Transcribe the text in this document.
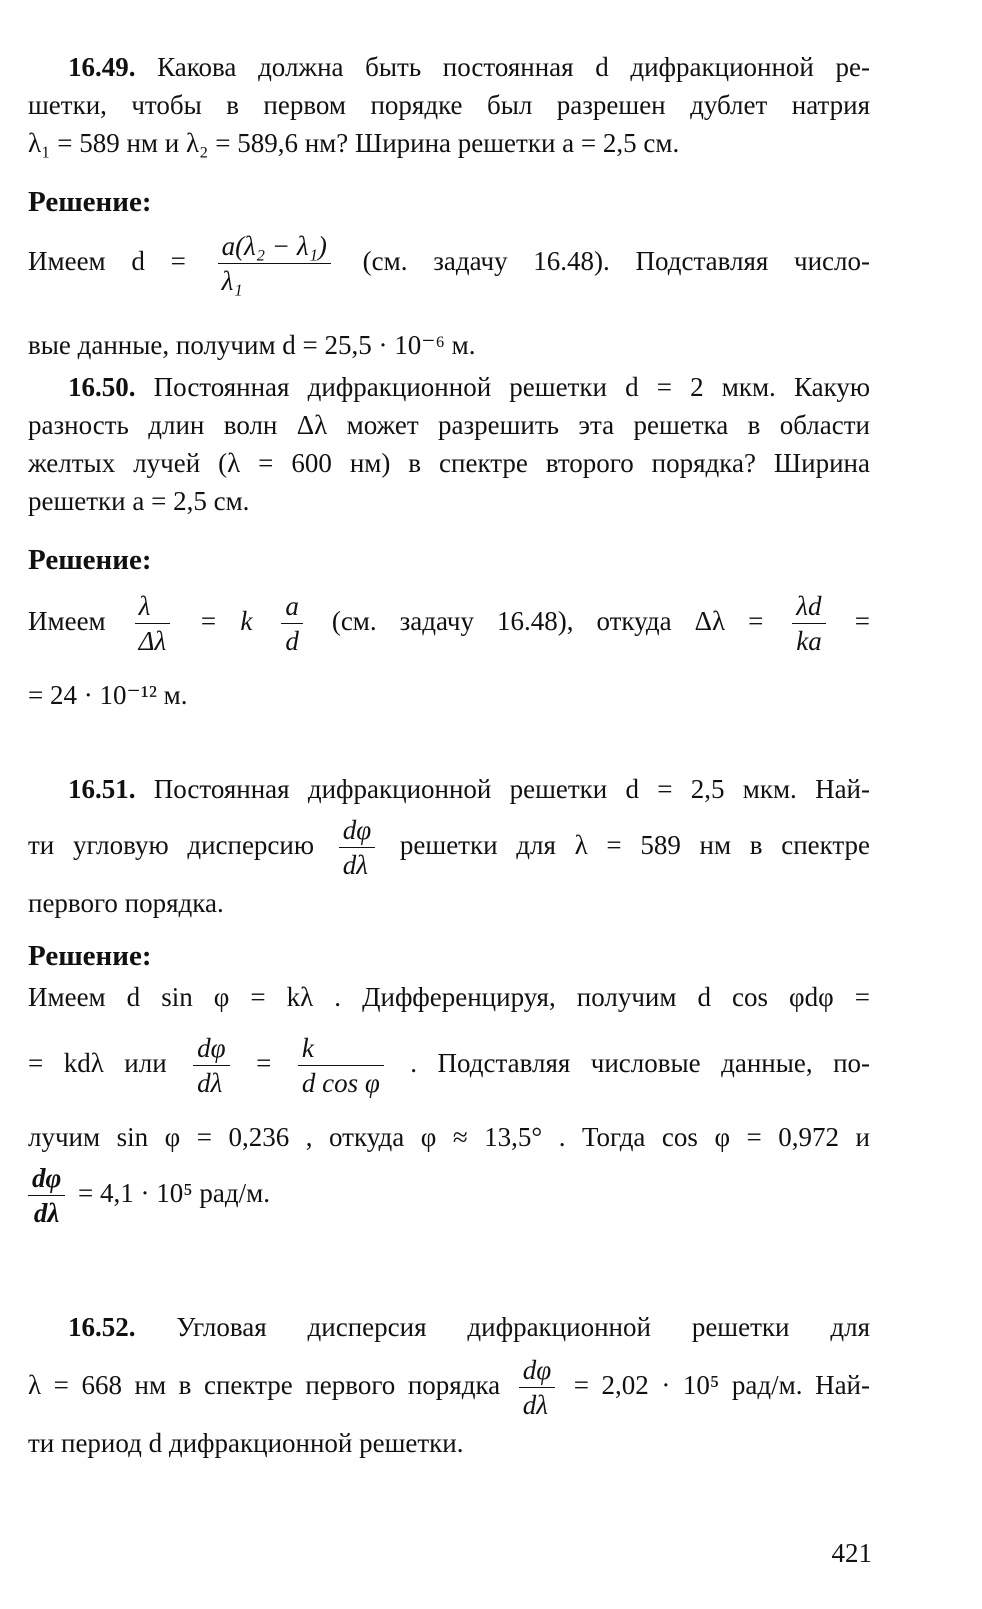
16.49. Какова должна быть постоянная d дифракционной ре-

шетки, чтобы в первом порядке был разрешен дублет натрия

λ₁ = 589 нм и λ₂ = 589,6 нм? Ширина решетки a = 2,5 см.

Решение:

Имеем $d = \frac{\text{a(λ₂ − λ₁)}}{\text{λ₁}} (см$. задачу 16.48). Подставляя число-

вые данные, получим d = 25,5 · 10⁻⁶ м.

16.50. Постоянная дифракционной решетки d = 2 мкм. Какую

разность длин волн Δλ может разрешить эта решетка в области

желтых лучей (λ = 600 нм) в спектре второго порядка? Ширина

решетки a = 2,5 см.

Решение:

Имеем $\frac{\lambda}{\Delta\lambda} = k \frac{a}{d} (см$. задачу 16.48), откуда $\Delta\lambda = \frac{\lambda d}{ka}$ =

= 24 · 10⁻¹² м.

16.51. Постоянная дифракционной решетки d = 2,5 мкм. Най-

ти угловую дисперсию $\frac{d\varphi}{d\lambda}$ решетки для λ = 589 нм в спектре

первого порядка.

Решение:

Имеем d sin φ = kλ . Дифференцируя, получим d cos φdφ =

= kdλ или $\frac{d\varphi}{d\lambda} = \frac{k}{\text{d cos φ}}$ . Подставляя числовые данные, по-

лучим sin φ = 0,236 , откуда φ ≈ 13,5° . Тогда cos φ = 0,972 и

$\frac{d\varphi}{d\lambda} = 4,1 \cdot 10^5$ рад/м.

16.52. Угловая дисперсия дифракционной решетки для

λ = 668 нм в спектре первого порядка $\frac{d\varphi}{d\lambda} = 2,02 \cdot 10^5$ рад/м. Най-

ти период d дифракционной решетки.

421
